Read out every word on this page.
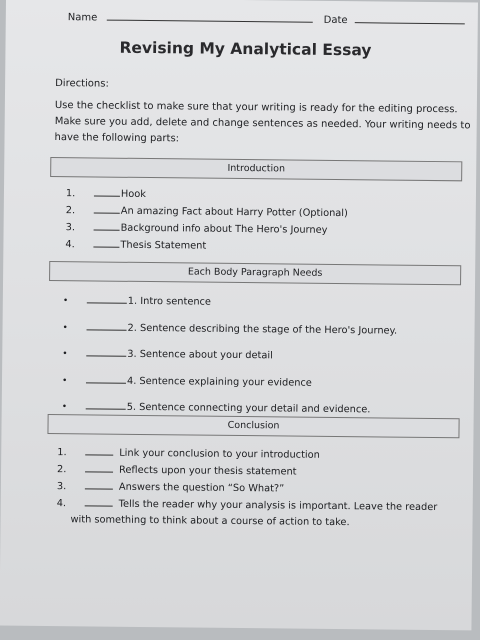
Name	Date
Revising My Analytical Essay
Directions:
Use the checklist to make sure that your writing is ready for the editing process. Make sure you add, delete and change sentences as needed. Your writing needs to have the following parts:
Introduction
1.	Hook
2.	An amazing Fact about Harry Potter (Optional)
3.	Background info about The Hero's Journey
4.	Thesis Statement
Each Body Paragraph Needs
•	1. Intro sentence
•	2. Sentence describing the stage of the Hero's Journey.
•	3. Sentence about your detail
•	4. Sentence explaining your evidence
•	5. Sentence connecting your detail and evidence.
Conclusion
1.	Link your conclusion to your introduction
2.	Reflects upon your thesis statement
3.	Answers the question “So What?”
4.	Tells the reader why your analysis is important. Leave the reader
with something to think about a course of action to take.
